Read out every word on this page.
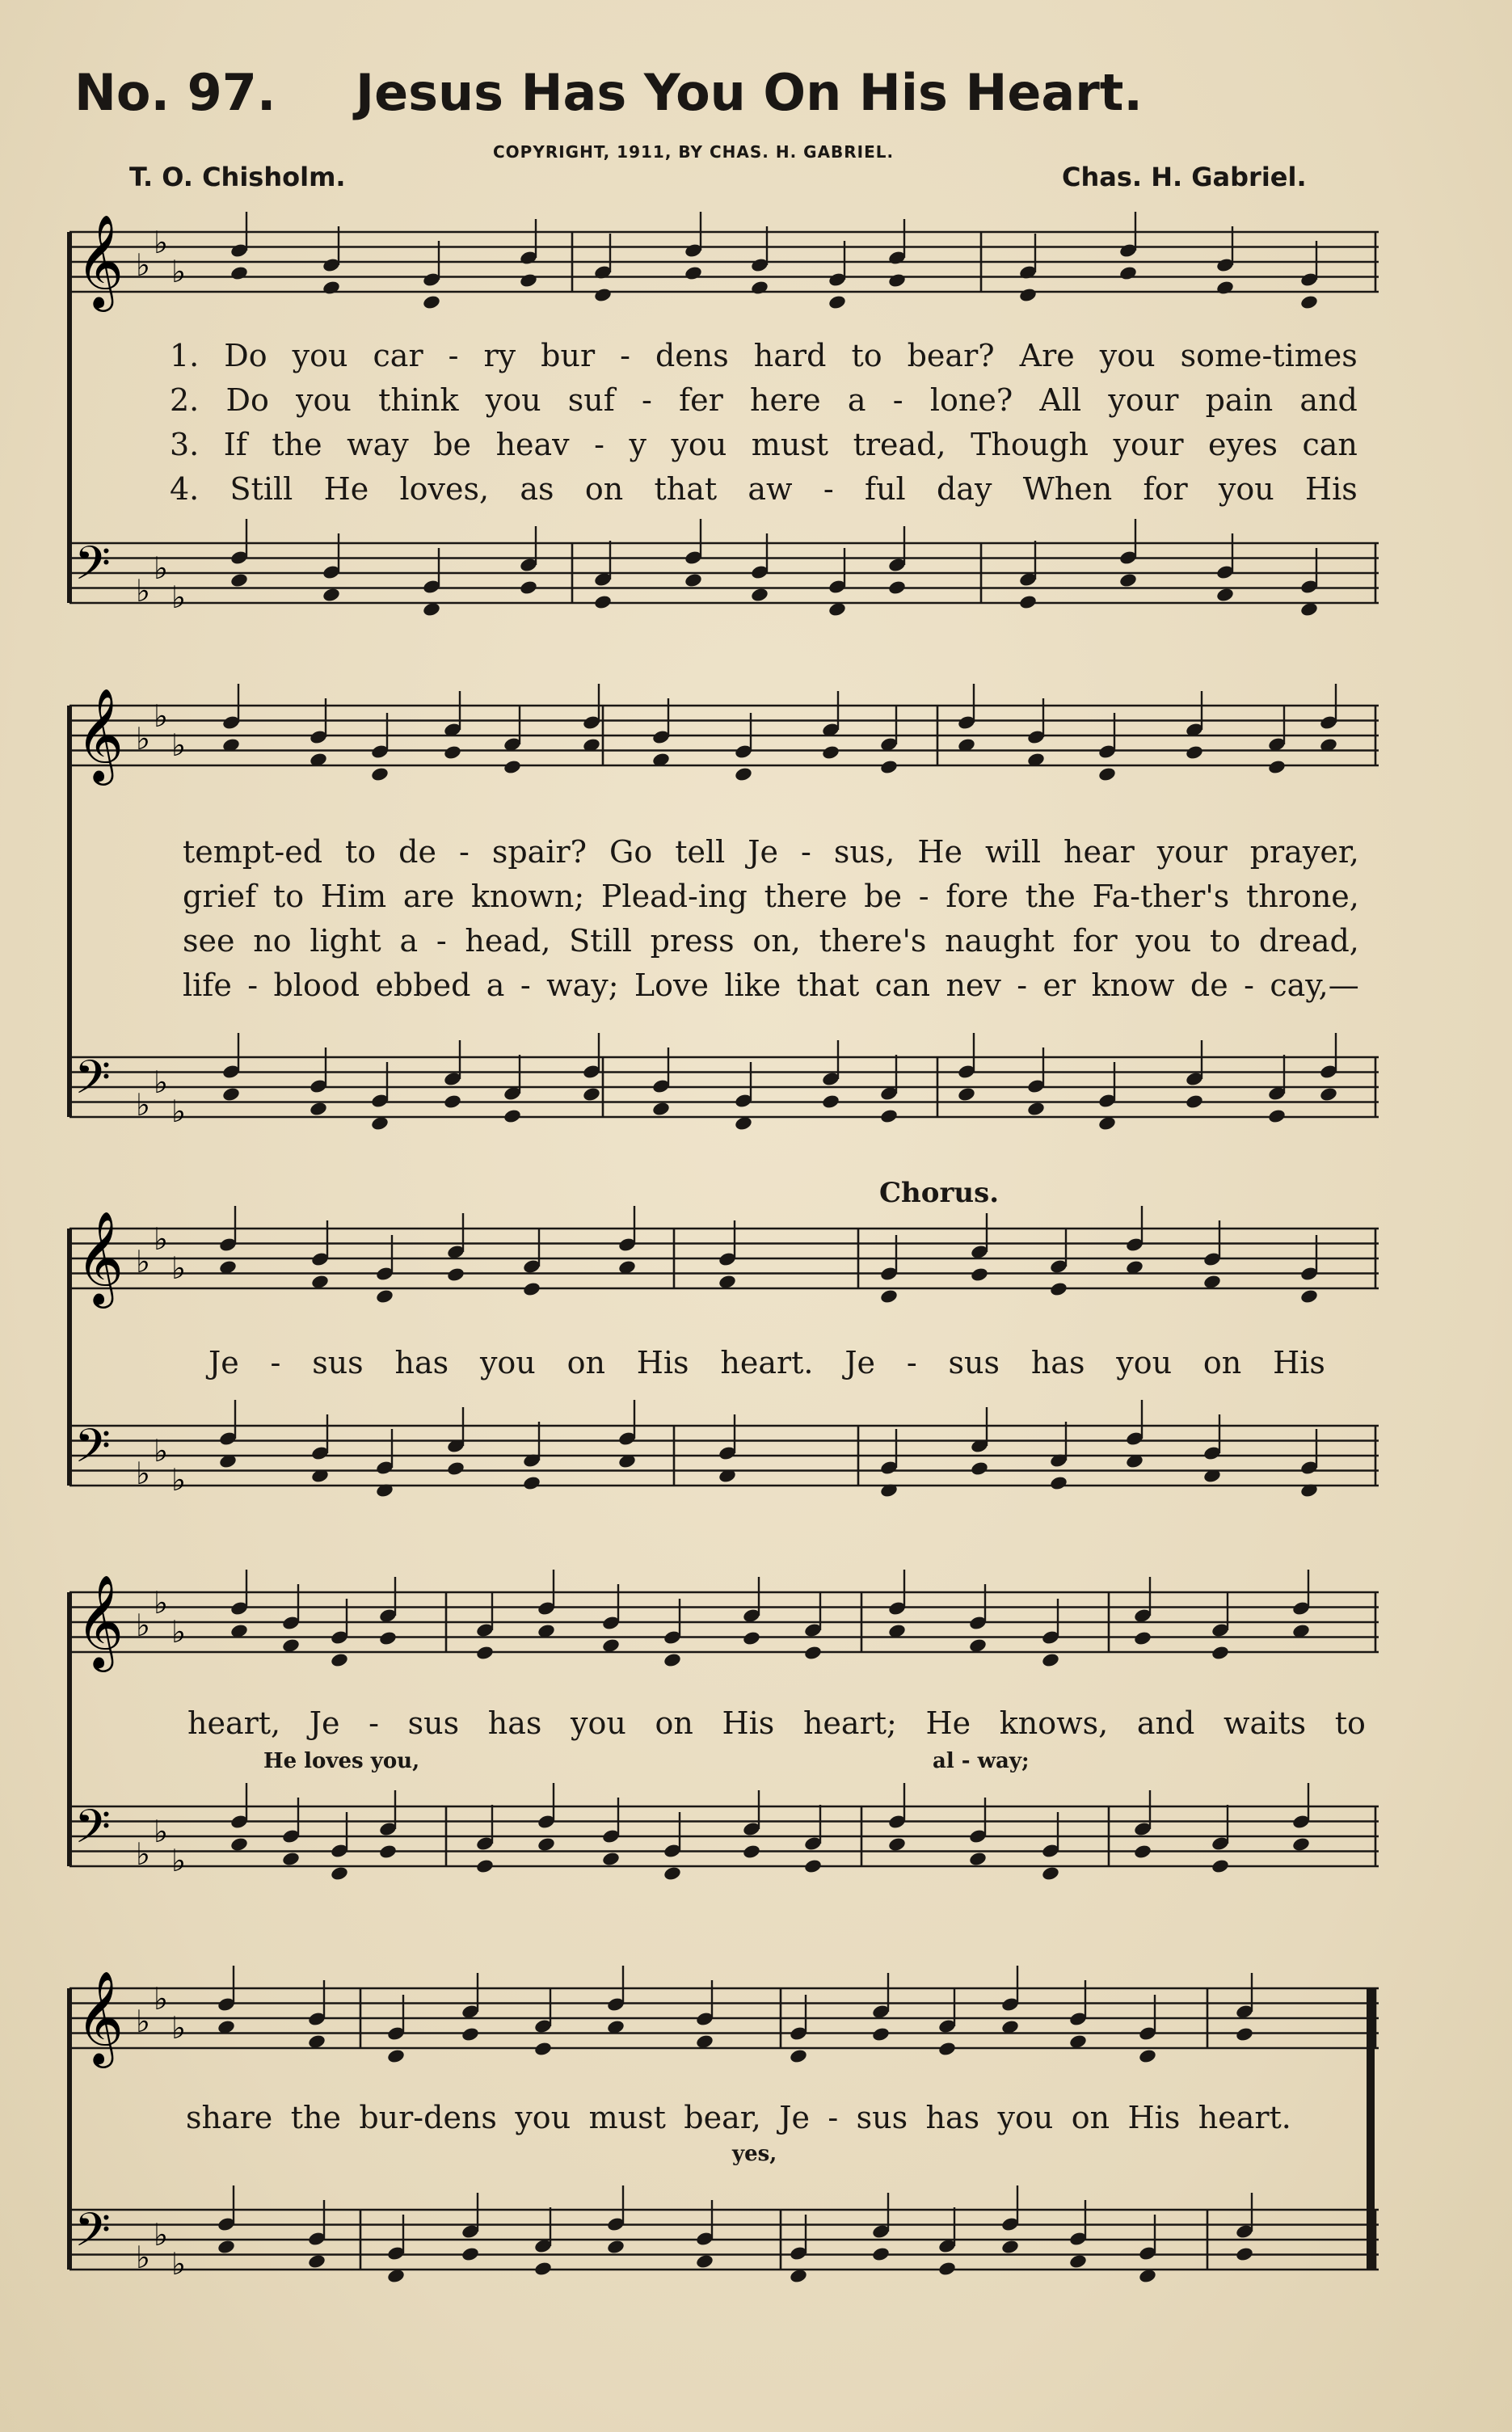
No. 97. Jesus Has You On His Heart.
COPYRIGHT, 1911, BY CHAS. H. GABRIEL.
T. O. Chisholm.	Chas. H. Gabriel.
𝄞
𝄢
♭
♭
♭
♭
♭
♭
𝄞
𝄢
♭
♭
♭
♭
♭
♭
𝄞
𝄢
♭
♭
♭
♭
♭
♭
𝄞
𝄢
♭
♭
♭
♭
♭
♭
𝄞
𝄢
♭
♭
♭
♭
♭
♭
1. Do you car - ry bur - dens hard to bear? Are you some-times
2. Do you think you suf - fer here a - lone? All your pain and
3. If the way be heav - y you must tread, Though your eyes can
4. Still He loves, as on that aw - ful day When for you His
tempt-ed to de - spair? Go tell Je - sus, He will hear your prayer,
grief to Him are known; Plead-ing there be - fore the Fa-ther's throne,
see no light a - head, Still press on, there's naught for you to dread,
life - blood ebbed a - way; Love like that can nev - er know de - cay,—
Chorus.
Je - sus has you on His heart. Je - sus has you on His
heart, Je - sus has you on His heart; He knows, and waits to
He loves you,	al - way;
share the bur-dens you must bear, Je - sus has you on His heart.
yes,
